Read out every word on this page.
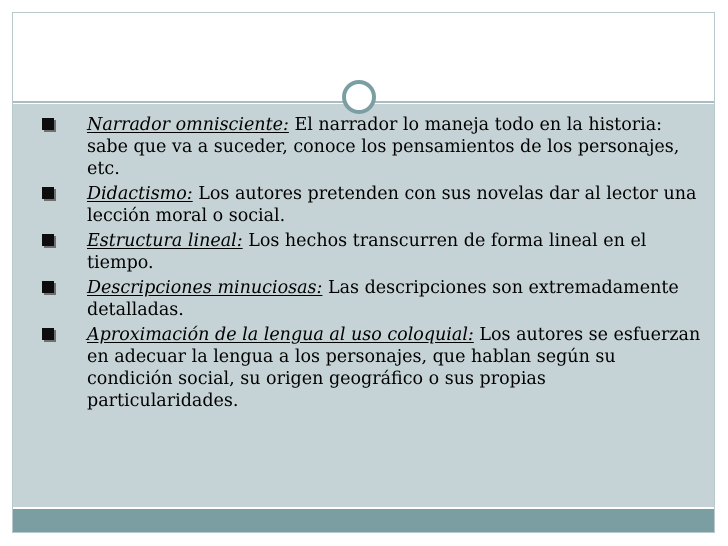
Narrador omnisciente: El narrador lo maneja todo en la historia: sabe que va a suceder, conoce los pensamientos de los personajes, etc.
Didactismo: Los autores pretenden con sus novelas dar al lector una lección moral o social.
Estructura lineal: Los hechos transcurren de forma lineal en el tiempo.
Descripciones minuciosas: Las descripciones son extremadamente detalladas.
Aproximación de la lengua al uso coloquial: Los autores se esfuerzan en adecuar la lengua a los personajes, que hablan según su condición social, su origen geográfico o sus propias particularidades.
